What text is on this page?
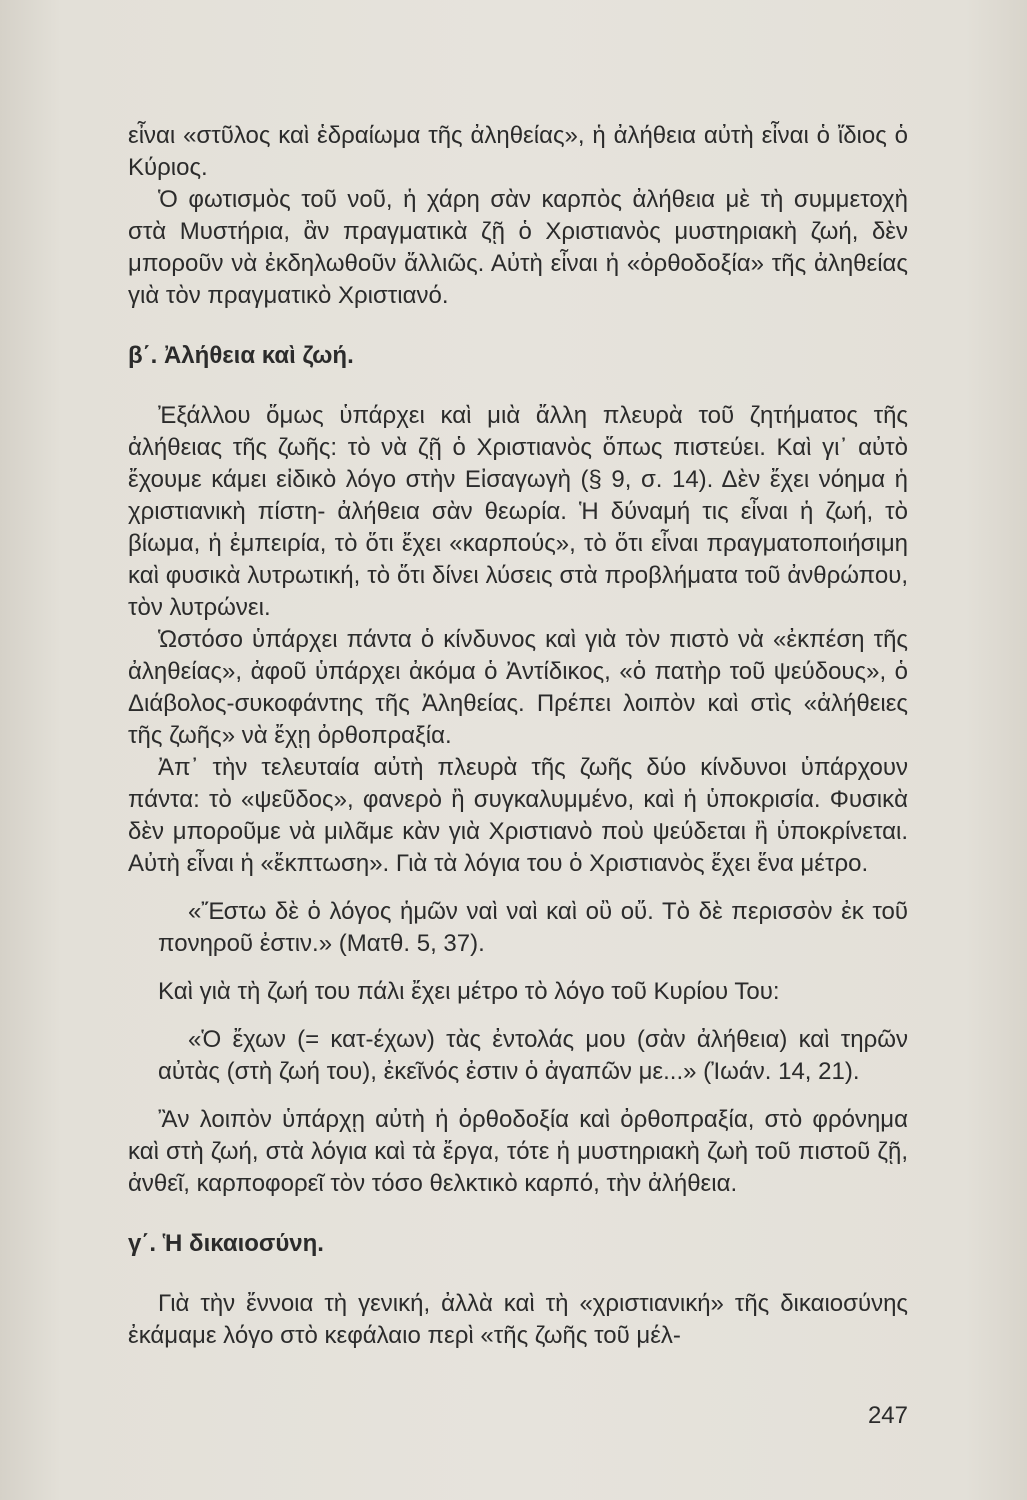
εἶναι «στῦλος καὶ ἑδραίωμα τῆς ἀληθείας», ἡ ἀλήθεια αὐτὴ εἶναι ὁ ἴδιος ὁ Κύριος.

Ὁ φωτισμὸς τοῦ νοῦ, ἡ χάρη σὰν καρπὸς ἀλήθεια μὲ τὴ συμμετοχὴ στὰ Μυστήρια, ἂν πραγματικὰ ζῇ ὁ Χριστιανὸς μυστηριακὴ ζωή, δὲν μποροῦν νὰ ἐκδηλωθοῦν ἄλλιῶς. Αὐτὴ εἶναι ἡ «ὀρθοδοξία» τῆς ἀληθείας γιὰ τὸν πραγματικὸ Χριστιανό.

β΄. Ἀλήθεια καὶ ζωή.

Ἐξάλλου ὅμως ὑπάρχει καὶ μιὰ ἄλλη πλευρὰ τοῦ ζητήματος τῆς ἀλήθειας τῆς ζωῆς: τὸ νὰ ζῇ ὁ Χριστιανὸς ὅπως πιστεύει. Καὶ γι᾽ αὐτὸ ἔχουμε κάμει εἰδικὸ λόγο στὴν Εἰσαγωγὴ (§ 9, σ. 14). Δὲν ἔχει νόημα ἡ χριστιανικὴ πίστη- ἀλήθεια σὰν θεωρία. Ἡ δύναμή τις εἶναι ἡ ζωή, τὸ βίωμα, ἡ ἐμπειρία, τὸ ὅτι ἔχει «καρπούς», τὸ ὅτι εἶναι πραγματοποιήσιμη καὶ φυσικὰ λυτρωτική, τὸ ὅτι δίνει λύσεις στὰ προβλήματα τοῦ ἀνθρώπου, τὸν λυτρώνει.

Ὡστόσο ὑπάρχει πάντα ὁ κίνδυνος καὶ γιὰ τὸν πιστὸ νὰ «ἐκπέση τῆς ἀληθείας», ἀφοῦ ὑπάρχει ἀκόμα ὁ Ἀντίδικος, «ὁ πατὴρ τοῦ ψεύδους», ὁ Διάβολος-συκοφάντης τῆς Ἀληθείας. Πρέπει λοιπὸν καὶ στὶς «ἀλήθειες τῆς ζωῆς» νὰ ἔχῃ ὀρθοπραξία.

Ἀπ᾽ τὴν τελευταία αὐτὴ πλευρὰ τῆς ζωῆς δύο κίνδυνοι ὑπάρχουν πάντα: τὸ «ψεῦδος», φανερὸ ἢ συγκαλυμμένο, καὶ ἡ ὑποκρισία. Φυσικὰ δὲν μποροῦμε νὰ μιλᾶμε κὰν γιὰ Χριστιανὸ ποὺ ψεύδεται ἢ ὑποκρίνεται. Αὐτὴ εἶναι ἡ «ἔκπτωση». Γιὰ τὰ λόγια του ὁ Χριστιανὸς ἔχει ἕνα μέτρο.

«Ἔστω δὲ ὁ λόγος ἡμῶν ναὶ ναὶ καὶ οὒ οὔ. Τὸ δὲ περισσὸν ἐκ τοῦ πονηροῦ ἐστιν.» (Ματθ. 5, 37).

Καὶ γιὰ τὴ ζωή του πάλι ἔχει μέτρο τὸ λόγο τοῦ Κυρίου Του:

«Ὁ ἔχων (= κατ-έχων) τὰς ἐντολάς μου (σὰν ἀλήθεια) καὶ τηρῶν αὐτὰς (στὴ ζωή του), ἐκεῖνός ἐστιν ὁ ἀγαπῶν με...» (Ἰωάν. 14, 21).

Ἂν λοιπὸν ὑπάρχῃ αὐτὴ ἡ ὀρθοδοξία καὶ ὀρθοπραξία, στὸ φρόνημα καὶ στὴ ζωή, στὰ λόγια καὶ τὰ ἔργα, τότε ἡ μυστηριακὴ ζωὴ τοῦ πιστοῦ ζῇ, ἀνθεῖ, καρποφορεῖ τὸν τόσο θελκτικὸ καρπό, τὴν ἀλήθεια.

γ΄. Ἡ δικαιοσύνη.

Γιὰ τὴν ἔννοια τὴ γενική, ἀλλὰ καὶ τὴ «χριστιανική» τῆς δικαιοσύνης ἐκάμαμε λόγο στὸ κεφάλαιο περὶ «τῆς ζωῆς τοῦ μέλ-

247
